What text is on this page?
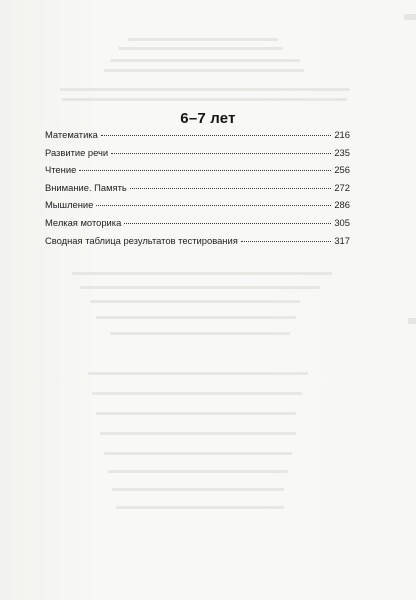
6–7 лет
Математика	216
Развитие речи	235
Чтение	256
Внимание. Память	272
Мышление	286
Мелкая моторика	305
Сводная таблица результатов тестирования	317
